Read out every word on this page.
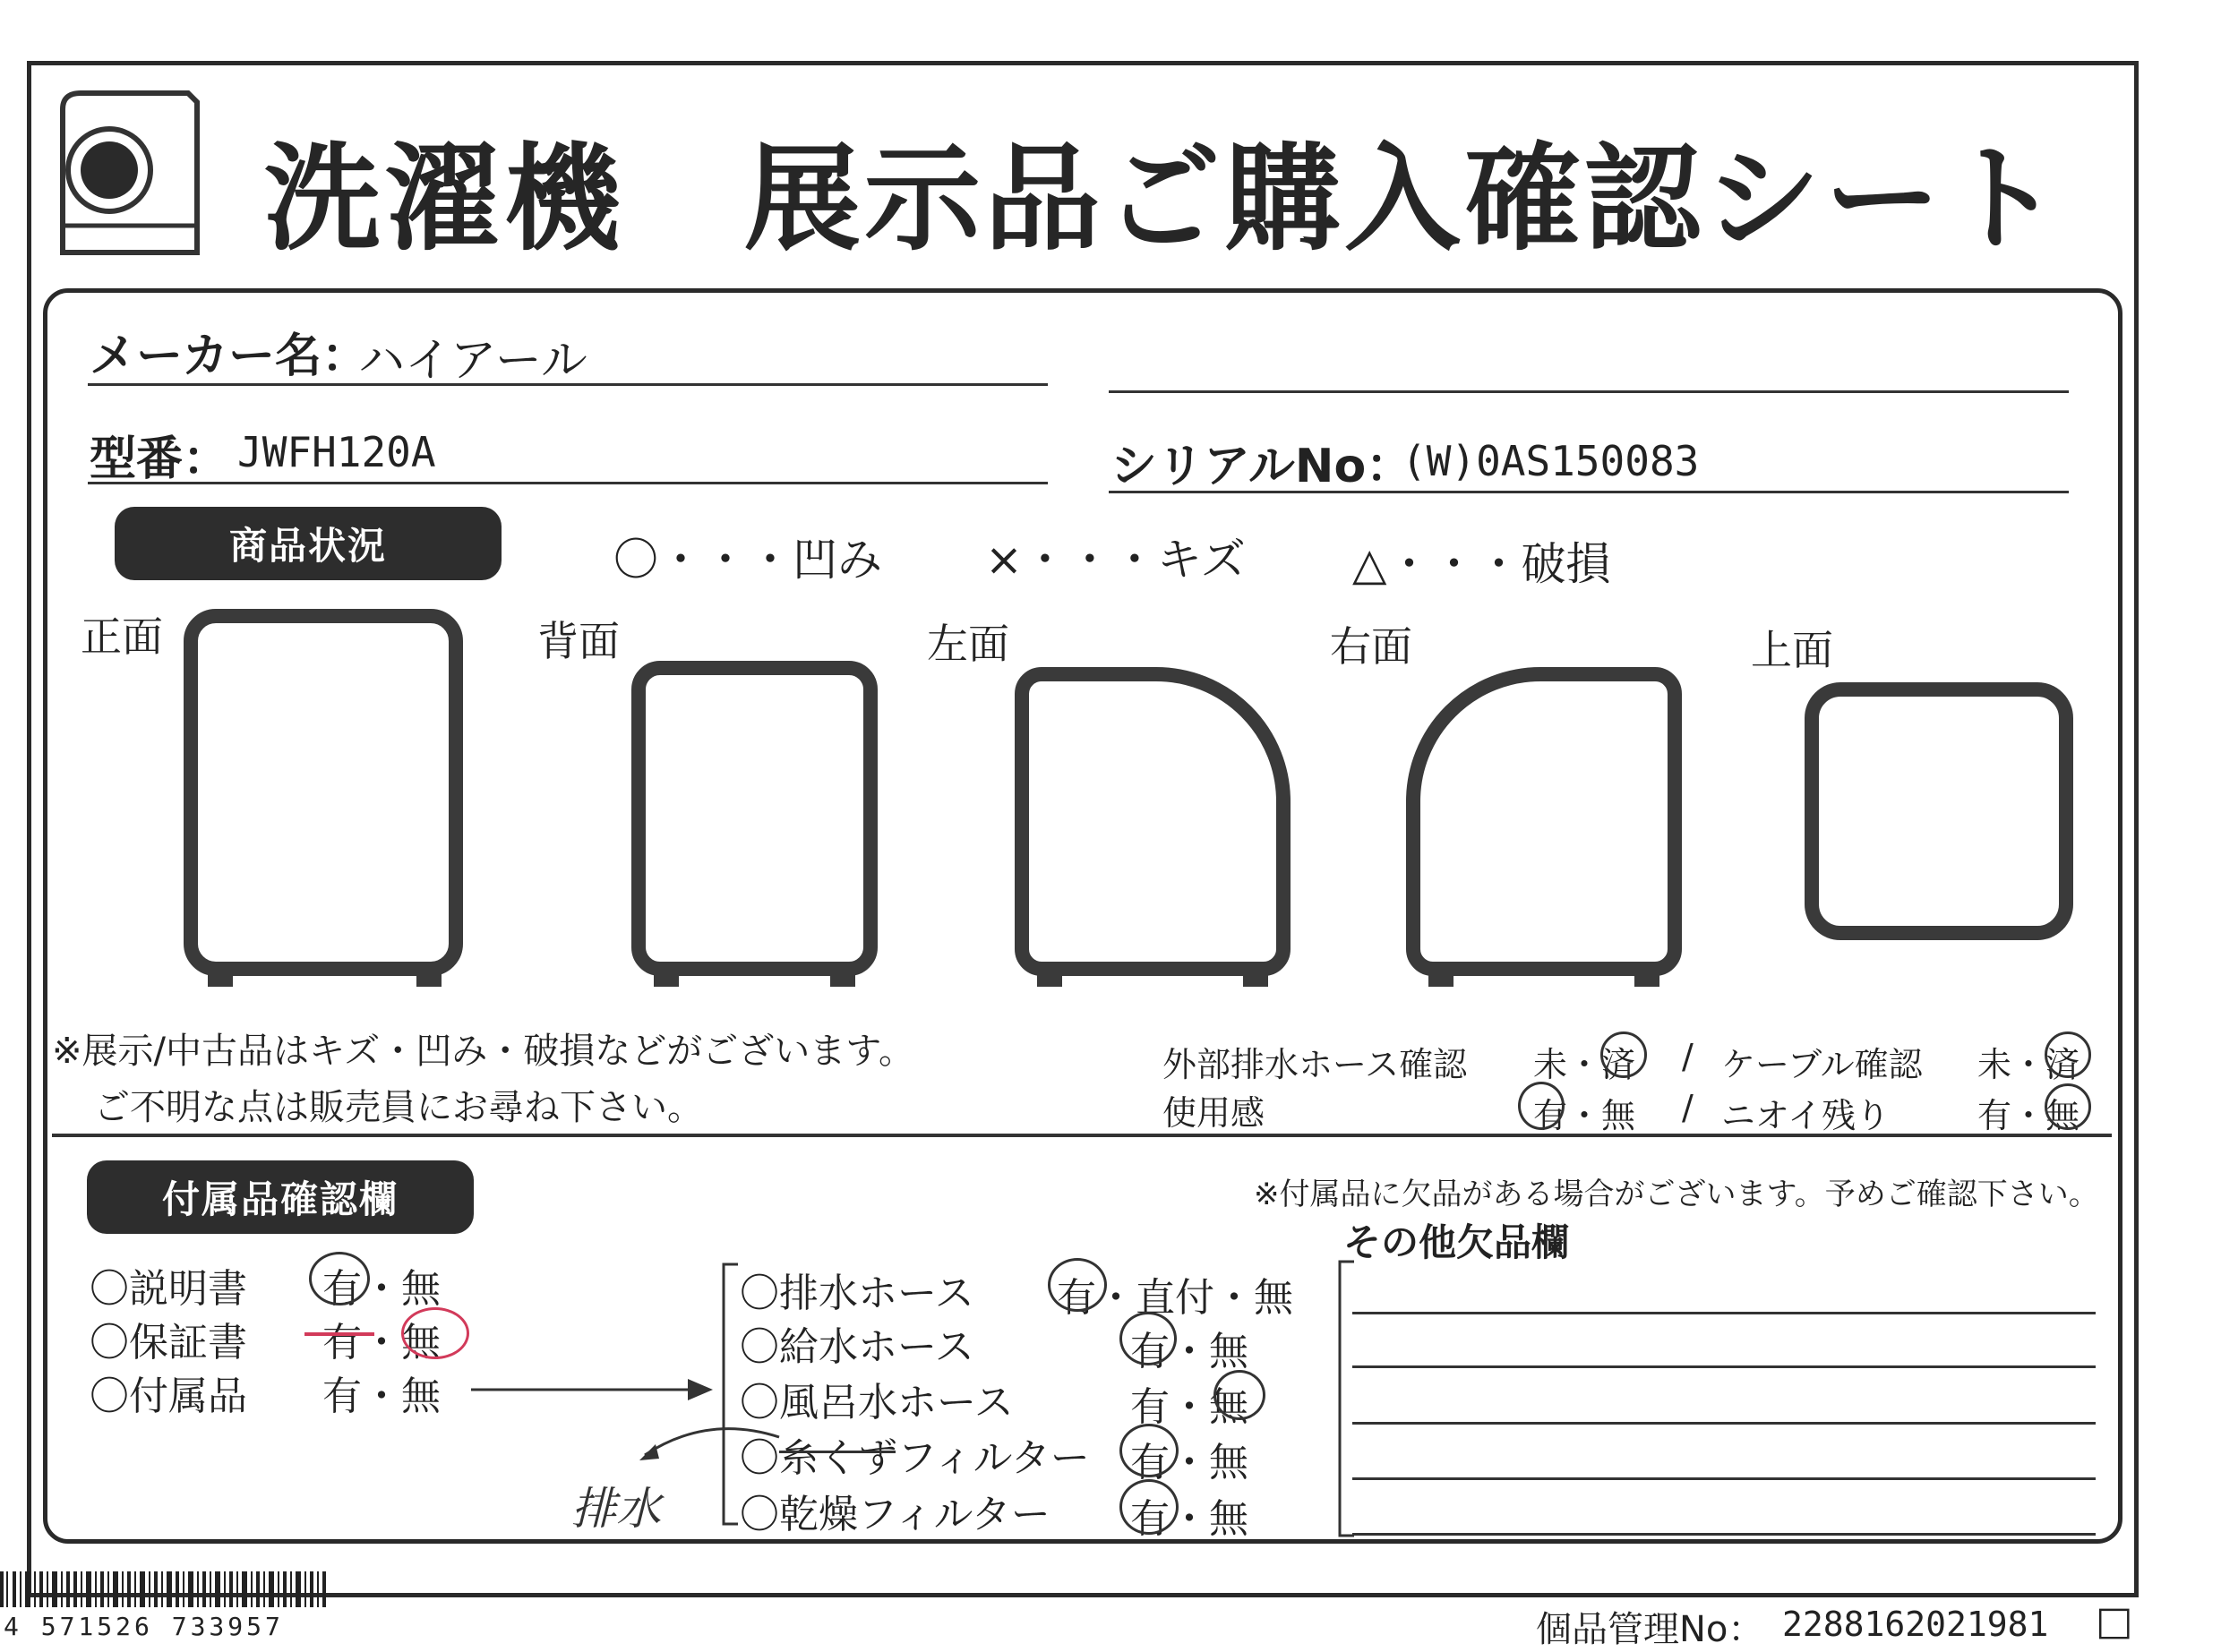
洗濯機　展示品ご購入確認シート
メーカー名：
ハイアール
型番： JWFH120A	シリアルNo：
(W)0AS150083
商品状況	〇・・・凹み ×・・・キズ △・・・破損
正面	背面	左面	右面	上面
※展示/中古品はキズ・凹み・破損などがございます。
ご不明な点は販売員にお尋ね下さい。
外部排水ホース確認 未・済 / ケーブル確認 未・済
使用感	有・無 / ニオイ残り	有・無
付属品確認欄	※付属品に欠品がある場合がございます。予めご確認下さい。
その他欠品欄
〇説明書 有・無
〇保証書 有・無
〇付属品 有・無
〇排水ホース 有・直付・無
〇給水ホース	有・無
〇風呂水ホース	有・無
〇糸くずフィルター 有・無
〇乾燥フィルター 有・無
排水
4 571526 733957	個品管理No： 2288162021981 □
